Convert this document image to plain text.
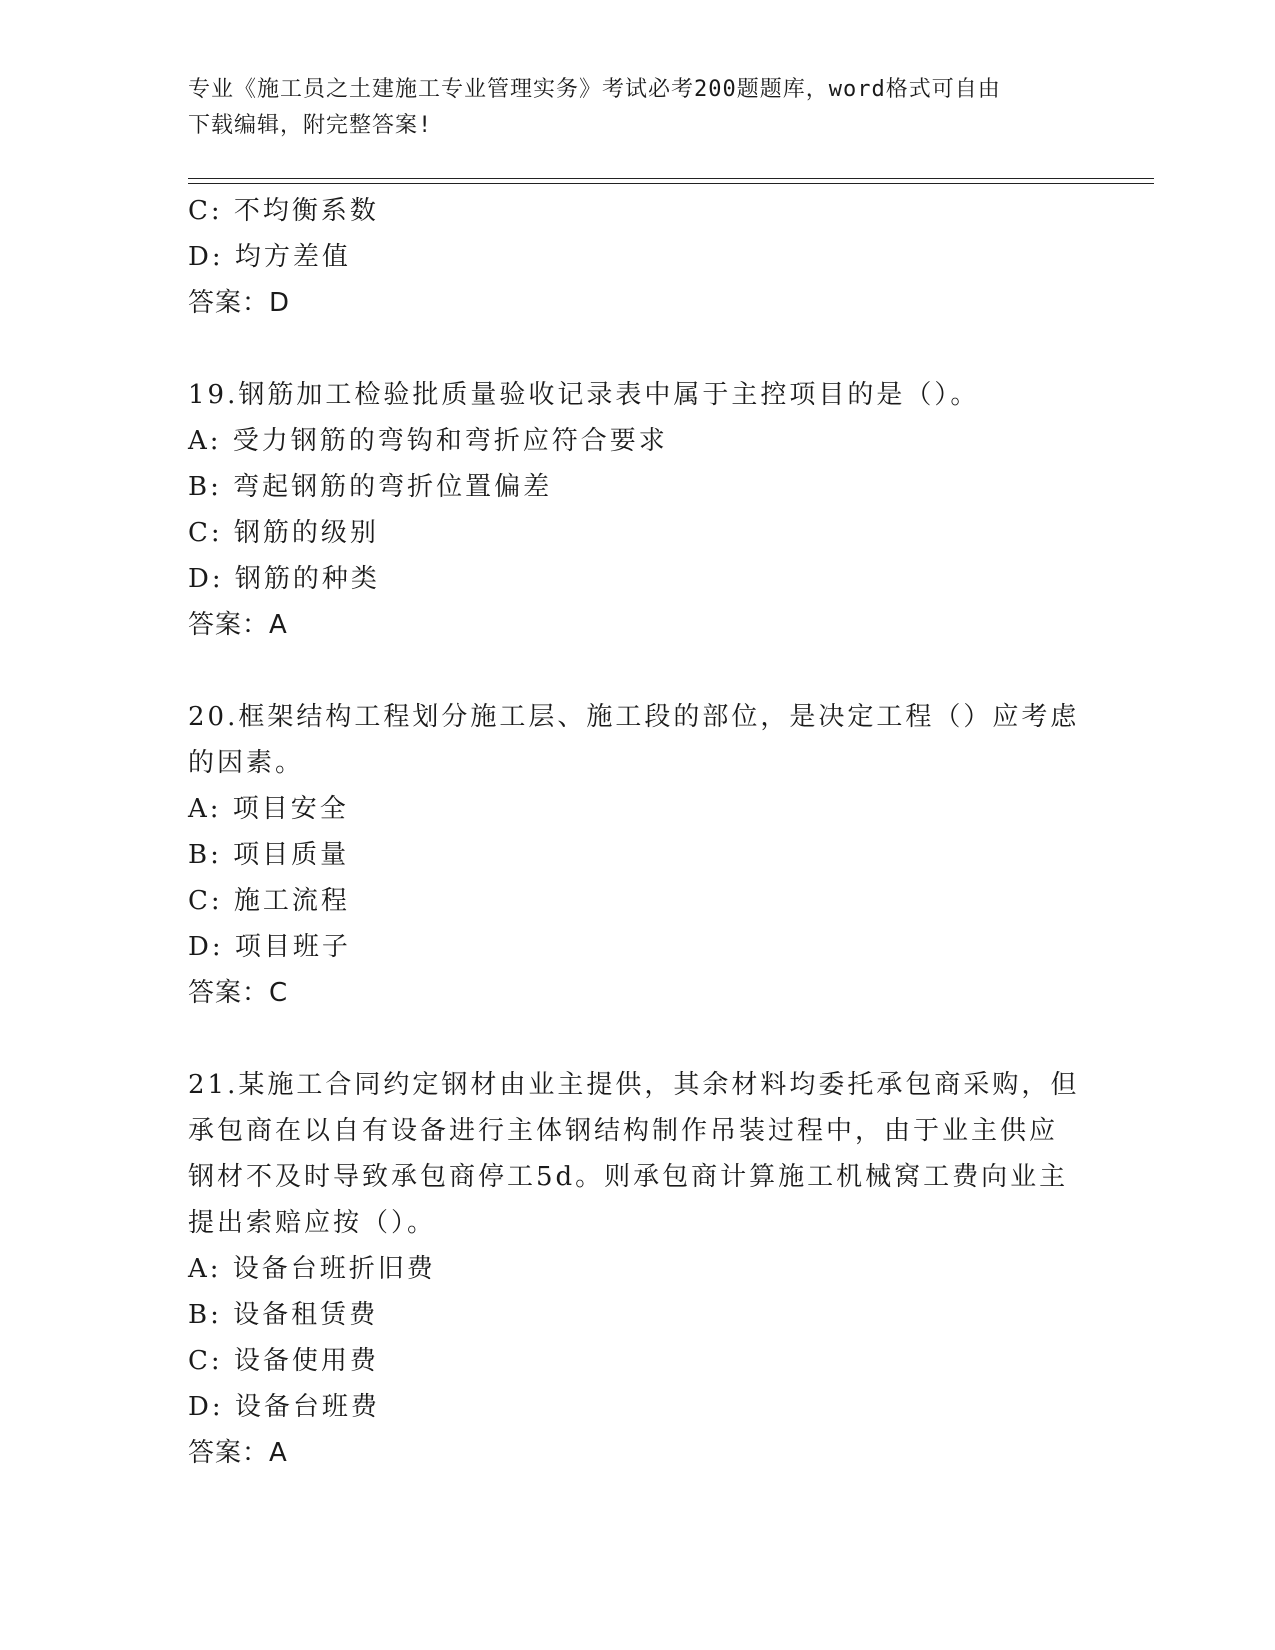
专业《施工员之土建施工专业管理实务》考试必考200题题库，word格式可自由
下载编辑，附完整答案!
C: 不均衡系数
D: 均方差值
答案：D
19.钢筋加工检验批质量验收记录表中属于主控项目的是（）。
A: 受力钢筋的弯钩和弯折应符合要求
B: 弯起钢筋的弯折位置偏差
C: 钢筋的级别
D: 钢筋的种类
答案：A
20.框架结构工程划分施工层、施工段的部位，是决定工程（）应考虑
的因素。
A: 项目安全
B: 项目质量
C: 施工流程
D: 项目班子
答案：C
21.某施工合同约定钢材由业主提供，其余材料均委托承包商采购，但
承包商在以自有设备进行主体钢结构制作吊装过程中，由于业主供应
钢材不及时导致承包商停工5d。则承包商计算施工机械窝工费向业主
提出索赔应按（）。
A: 设备台班折旧费
B: 设备租赁费
C: 设备使用费
D: 设备台班费
答案：A
